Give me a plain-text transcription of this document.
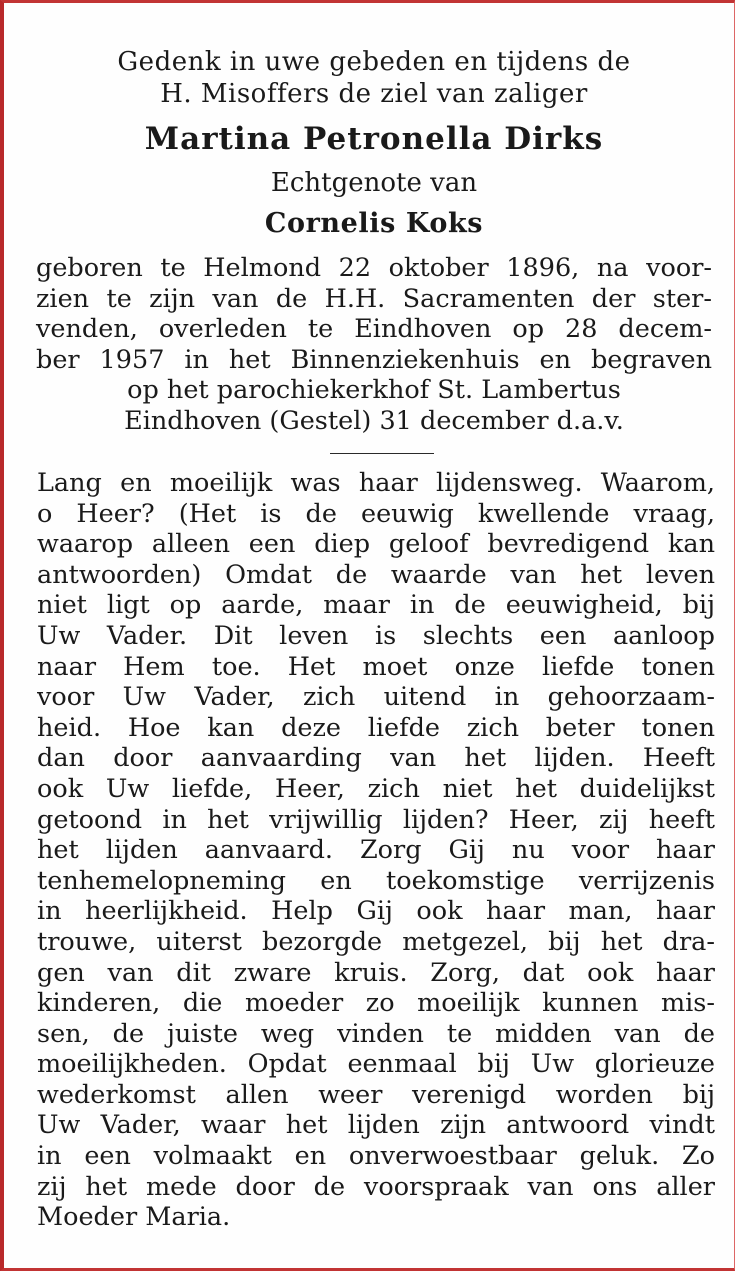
Gedenk in uwe gebeden en tijdens de
H. Misoffers de ziel van zaliger
Martina Petronella Dirks
Echtgenote van
Cornelis Koks
geboren te Helmond 22 oktober 1896, na voor-
zien te zijn van de H.H. Sacramenten der ster-
venden, overleden te Eindhoven op 28 decem-
ber 1957 in het Binnenziekenhuis en begraven
op het parochiekerkhof St. Lambertus
Eindhoven (Gestel) 31 december d.a.v.
Lang en moeilijk was haar lijdensweg. Waarom,
o Heer? (Het is de eeuwig kwellende vraag,
waarop alleen een diep geloof bevredigend kan
antwoorden) Omdat de waarde van het leven
niet ligt op aarde, maar in de eeuwigheid, bij
Uw Vader. Dit leven is slechts een aanloop
naar Hem toe. Het moet onze liefde tonen
voor Uw Vader, zich uitend in gehoorzaam-
heid. Hoe kan deze liefde zich beter tonen
dan door aanvaarding van het lijden. Heeft
ook Uw liefde, Heer, zich niet het duidelijkst
getoond in het vrijwillig lijden? Heer, zij heeft
het lijden aanvaard. Zorg Gij nu voor haar
tenhemelopneming en toekomstige verrijzenis
in heerlijkheid. Help Gij ook haar man, haar
trouwe, uiterst bezorgde metgezel, bij het dra-
gen van dit zware kruis. Zorg, dat ook haar
kinderen, die moeder zo moeilijk kunnen mis-
sen, de juiste weg vinden te midden van de
moeilijkheden. Opdat eenmaal bij Uw glorieuze
wederkomst allen weer verenigd worden bij
Uw Vader, waar het lijden zijn antwoord vindt
in een volmaakt en onverwoestbaar geluk. Zo
zij het mede door de voorspraak van ons aller
Moeder Maria.
